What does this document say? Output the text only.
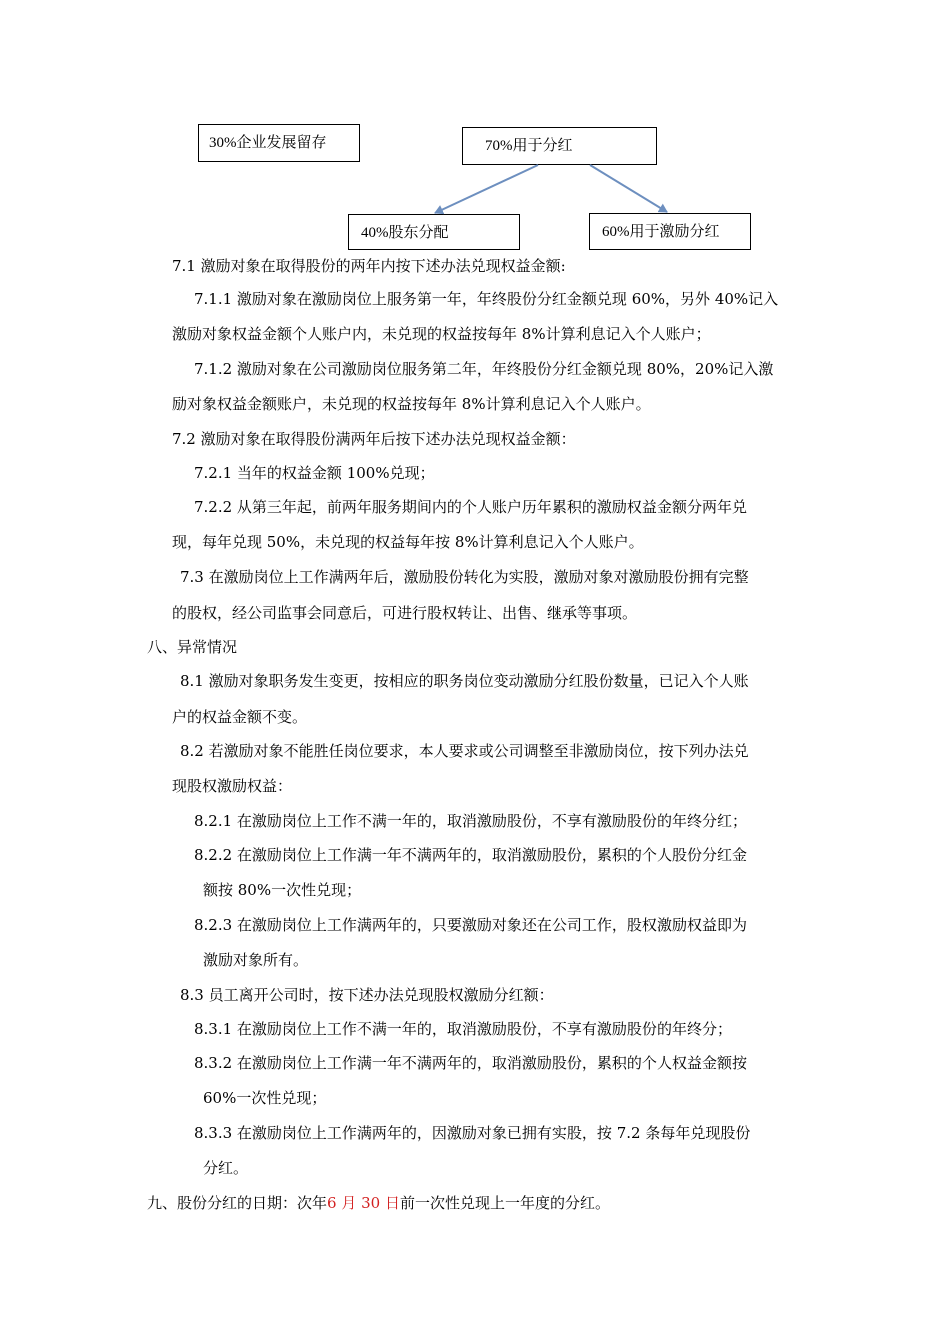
30%企业发展留存	70%用于分红
40%股东分配	60%用于激励分红
7.1 激励对象在取得股份的两年内按下述办法兑现权益金额:
7.1.1 激励对象在激励岗位上服务第一年，年终股份分红金额兑现 60%，另外 40%记入
激励对象权益金额个人账户内，未兑现的权益按每年 8%计算利息记入个人账户；
7.1.2 激励对象在公司激励岗位服务第二年，年终股份分红金额兑现 80%，20%记入激
励对象权益金额账户，未兑现的权益按每年 8%计算利息记入个人账户。
7.2 激励对象在取得股份满两年后按下述办法兑现权益金额：
7.2.1 当年的权益金额 100%兑现；
7.2.2 从第三年起，前两年服务期间内的个人账户历年累积的激励权益金额分两年兑
现，每年兑现 50%，未兑现的权益每年按 8%计算利息记入个人账户。
7.3 在激励岗位上工作满两年后，激励股份转化为实股，激励对象对激励股份拥有完整
的股权，经公司监事会同意后，可进行股权转让、出售、继承等事项。
八、异常情况
8.1 激励对象职务发生变更，按相应的职务岗位变动激励分红股份数量，已记入个人账
户的权益金额不变。
8.2 若激励对象不能胜任岗位要求，本人要求或公司调整至非激励岗位，按下列办法兑
现股权激励权益：
8.2.1 在激励岗位上工作不满一年的，取消激励股份，不享有激励股份的年终分红；
8.2.2 在激励岗位上工作满一年不满两年的，取消激励股份，累积的个人股份分红金
额按 80%一次性兑现；
8.2.3 在激励岗位上工作满两年的，只要激励对象还在公司工作，股权激励权益即为
激励对象所有。
8.3 员工离开公司时，按下述办法兑现股权激励分红额：
8.3.1 在激励岗位上工作不满一年的，取消激励股份，不享有激励股份的年终分；
8.3.2 在激励岗位上工作满一年不满两年的，取消激励股份，累积的个人权益金额按
60%一次性兑现；
8.3.3 在激励岗位上工作满两年的，因激励对象已拥有实股，按 7.2 条每年兑现股份
分红。
九、股份分红的日期：次年6 月 30 日前一次性兑现上一年度的分红。
